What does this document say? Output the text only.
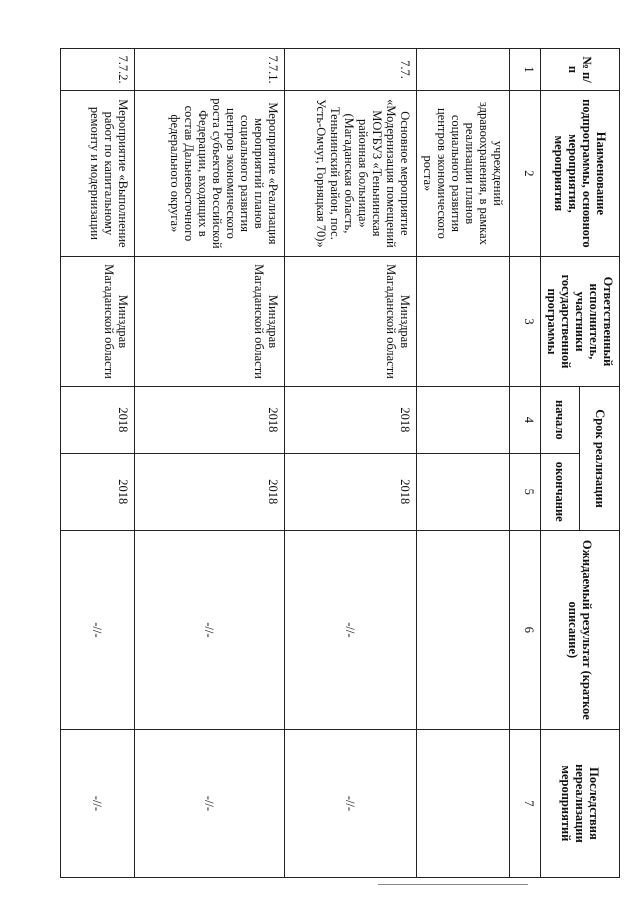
№ п/п	Наименование подпрограммы, основного мероприятия, мероприятия	Ответственный исполнитель, участники государственной программы	Срок реализации		Ожидаемый результат (краткое описание)	Последствия нереализации мероприятий
			начало	окончание		
1	2	3	4	5	6	7
	учреждений здравоохранения, в рамках реализации планов социального развития центров экономического роста»					
7.7.	Основное мероприятие «Модернизация помещений МОГБУЗ «Теньнинская районная больница» (Магаданская область, Теньнинский район, пос. Усть-Омчуг, Горняцкая 70)»	Минздрав Магаданской области	2018	2018	-//-	-//-
7.7.1.	Мероприятие «Реализация мероприятий планов социального развития центров экономического роста субъектов Российской Федерации, входящих в состав Дальневосточного федерального округа»	Минздрав Магаданской области	2018	2018	-//-	-//-
7.7.2.	Мероприятие «Выполнение работ по капитальному ремонту и модернизации	Минздрав Магаданской области	2018	2018	-//-	-//-
